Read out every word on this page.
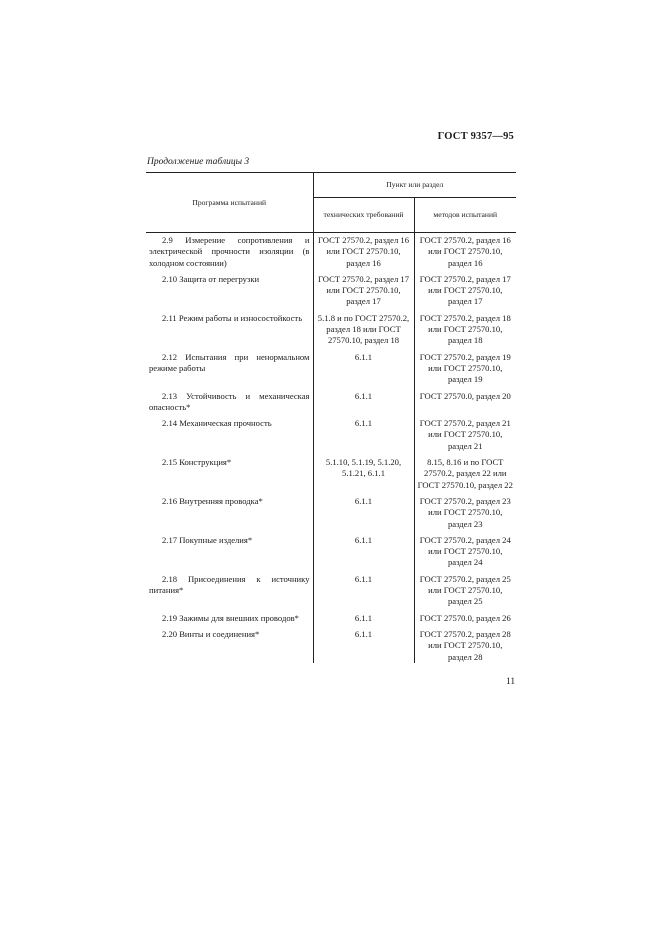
ГОСТ 9357—95
Продолжение таблицы 3
Программа испытаний	Пункт или раздел	
	технических требований	методов испытаний
2.9 Измерение сопротивления и электрической прочности изоляции (в холодном состоянии)	ГОСТ 27570.2, раздел 16 или ГОСТ 27570.10, раздел 16	ГОСТ 27570.2, раздел 16 или ГОСТ 27570.10, раздел 16
2.10 Защита от перегрузки	ГОСТ 27570.2, раздел 17 или ГОСТ 27570.10, раздел 17	ГОСТ 27570.2, раздел 17 или ГОСТ 27570.10, раздел 17
2.11 Режим работы и износостойкость	5.1.8 и по ГОСТ 27570.2, раздел 18 или ГОСТ 27570.10, раздел 18	ГОСТ 27570.2, раздел 18 или ГОСТ 27570.10, раздел 18
2.12 Испытания при ненормальном режиме работы	6.1.1	ГОСТ 27570.2, раздел 19 или ГОСТ 27570.10, раздел 19
2.13 Устойчивость и механическая опасность*	6.1.1	ГОСТ 27570.0, раздел 20
2.14 Механическая прочность	6.1.1	ГОСТ 27570.2, раздел 21 или ГОСТ 27570.10, раздел 21
2.15 Конструкция*	5.1.10, 5.1.19, 5.1.20, 5.1.21, 6.1.1	8.15, 8.16 и по ГОСТ 27570.2, раздел 22 или ГОСТ 27570.10, раздел 22
2.16 Внутренняя проводка*	6.1.1	ГОСТ 27570.2, раздел 23 или ГОСТ 27570.10, раздел 23
2.17 Покупные изделия*	6.1.1	ГОСТ 27570.2, раздел 24 или ГОСТ 27570.10, раздел 24
2.18 Присоединения к источнику питания*	6.1.1	ГОСТ 27570.2, раздел 25 или ГОСТ 27570.10, раздел 25
2.19 Зажимы для внешних проводов*	6.1.1	ГОСТ 27570.0, раздел 26
2.20 Винты и соединения*	6.1.1	ГОСТ 27570.2, раздел 28 или ГОСТ 27570.10, раздел 28
11
